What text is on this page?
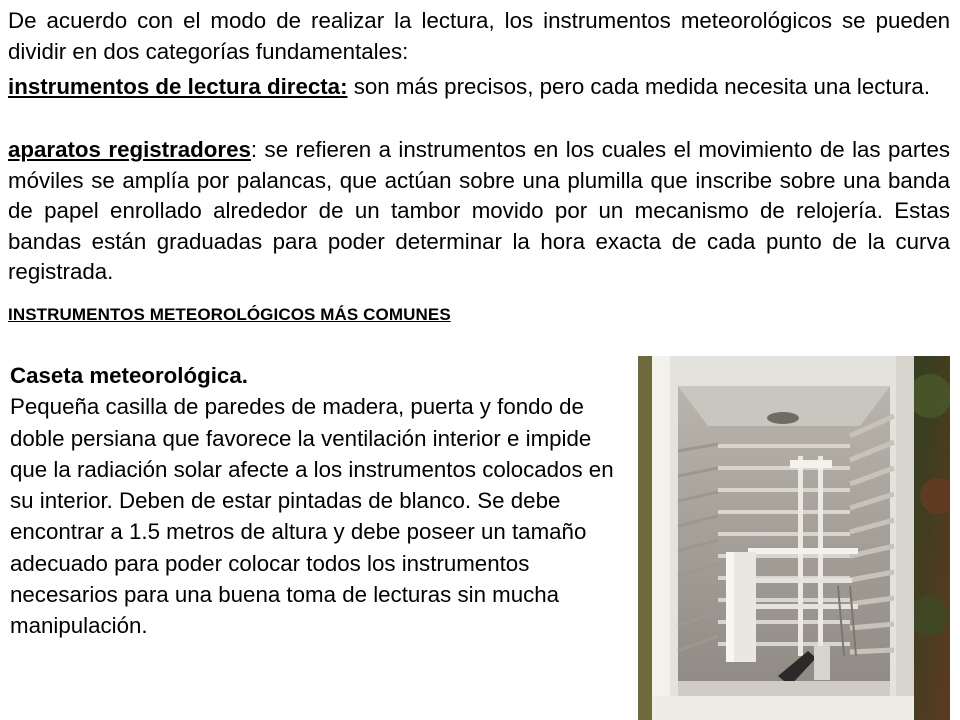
De acuerdo con el modo de realizar la lectura, los instrumentos meteorológicos se pueden dividir en dos categorías fundamentales:

instrumentos de lectura directa: son más precisos, pero cada medida necesita una lectura.

aparatos registradores: se refieren a instrumentos en los cuales el movimiento de las partes móviles se amplía por palancas, que actúan sobre una plumilla que inscribe sobre una banda de papel enrollado alrededor de un tambor movido por un mecanismo de relojería. Estas bandas están graduadas para poder determinar la hora exacta de cada punto de la curva registrada.

INSTRUMENTOS METEOROLÓGICOS MÁS COMUNES
Caseta meteorológica.
Pequeña casilla de paredes de madera, puerta y fondo de doble persiana que favorece la ventilación interior e impide que la radiación solar afecte a los instrumentos colocados en su interior. Deben de estar pintadas de blanco. Se debe encontrar a 1.5 metros de altura y debe poseer un tamaño adecuado para poder colocar todos los instrumentos necesarios para una buena toma de lecturas sin mucha manipulación.
